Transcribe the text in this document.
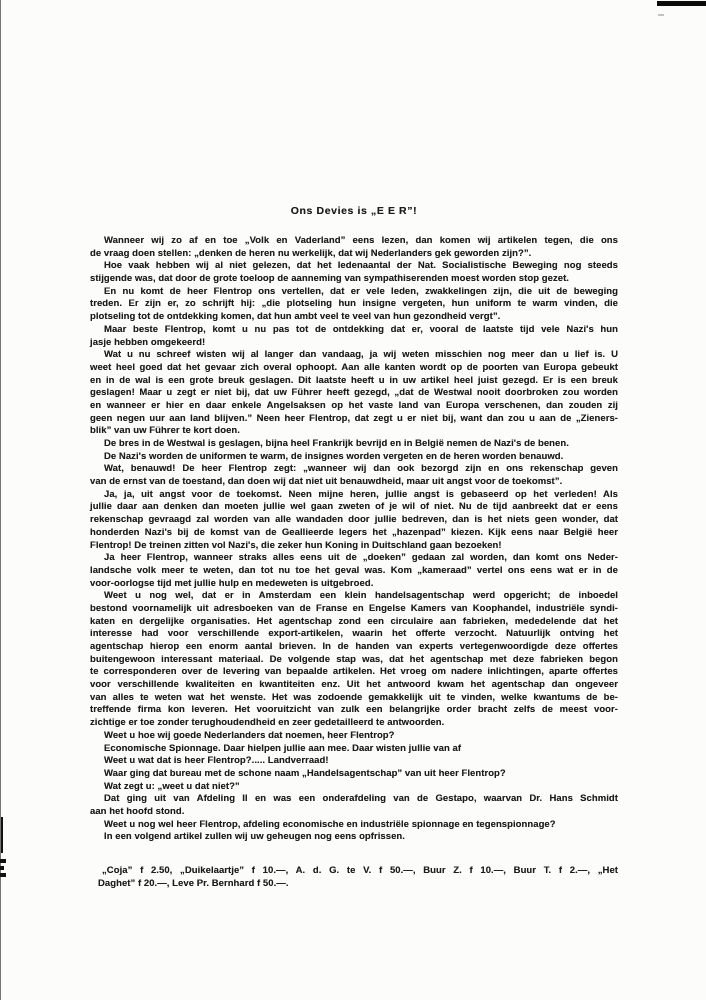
Ons Devies is „E E R”!
Wanneer wij zo af en toe „Volk en Vaderland” eens lezen, dan komen wij artikelen tegen, die ons
de vraag doen stellen: „denken de heren nu werkelijk, dat wij Nederlanders gek geworden zijn?”.
Hoe vaak hebben wij al niet gelezen, dat het ledenaantal der Nat. Socialistische Beweging nog steeds
stijgende was, dat door de grote toeloop de aanneming van sympathiserenden moest worden stop gezet.
En nu komt de heer Flentrop ons vertellen, dat er vele leden, zwakkelingen zijn, die uit de beweging
treden. Er zijn er, zo schrijft hij: „die plotseling hun insigne vergeten, hun uniform te warm vinden, die
plotseling tot de ontdekking komen, dat hun ambt veel te veel van hun gezondheid vergt”.
Maar beste Flentrop, komt u nu pas tot de ontdekking dat er, vooral de laatste tijd vele Nazi's hun
jasje hebben omgekeerd!
Wat u nu schreef wisten wij al langer dan vandaag, ja wij weten misschien nog meer dan u lief is. U
weet heel goed dat het gevaar zich overal ophoopt. Aan alle kanten wordt op de poorten van Europa gebeukt
en in de wal is een grote breuk geslagen. Dit laatste heeft u in uw artikel heel juist gezegd. Er is een breuk
geslagen! Maar u zegt er niet bij, dat uw Führer heeft gezegd, „dat de Westwal nooit doorbroken zou worden
en wanneer er hier en daar enkele Angelsaksen op het vaste land van Europa verschenen, dan zouden zij
geen negen uur aan land blijven.” Neen heer Flentrop, dat zegt u er niet bij, want dan zou u aan de „Zieners-
blik” van uw Führer te kort doen.
De bres in de Westwal is geslagen, bijna heel Frankrijk bevrijd en in België nemen de Nazi's de benen.
De Nazi's worden de uniformen te warm, de insignes worden vergeten en de heren worden benauwd.
Wat, benauwd! De heer Flentrop zegt: „wanneer wij dan ook bezorgd zijn en ons rekenschap geven
van de ernst van de toestand, dan doen wij dat niet uit benauwdheid, maar uit angst voor de toekomst”.
Ja, ja, uit angst voor de toekomst. Neen mijne heren, jullie angst is gebaseerd op het verleden! Als
jullie daar aan denken dan moeten jullie wel gaan zweten of je wil of niet. Nu de tijd aanbreekt dat er eens
rekenschap gevraagd zal worden van alle wandaden door jullie bedreven, dan is het niets geen wonder, dat
honderden Nazi's bij de komst van de Geallieerde legers het „hazenpad” kiezen. Kijk eens naar België heer
Flentrop! De treinen zitten vol Nazi's, die zeker hun Koning in Duitschland gaan bezoeken!
Ja heer Flentrop, wanneer straks alles eens uit de „doeken” gedaan zal worden, dan komt ons Neder-
landsche volk meer te weten, dan tot nu toe het geval was. Kom „kameraad” vertel ons eens wat er in de
voor-oorlogse tijd met jullie hulp en medeweten is uitgebroed.
Weet u nog wel, dat er in Amsterdam een klein handelsagentschap werd opgericht; de inboedel
bestond voornamelijk uit adresboeken van de Franse en Engelse Kamers van Koophandel, industriële syndi-
katen en dergelijke organisaties. Het agentschap zond een circulaire aan fabrieken, mededelende dat het
interesse had voor verschillende export-artikelen, waarin het offerte verzocht. Natuurlijk ontving het
agentschap hierop een enorm aantal brieven. In de handen van experts vertegenwoordigde deze offertes
buitengewoon interessant materiaal. De volgende stap was, dat het agentschap met deze fabrieken begon
te corresponderen over de levering van bepaalde artikelen. Het vroeg om nadere inlichtingen, aparte offertes
voor verschillende kwaliteiten en kwantiteiten enz. Uit het antwoord kwam het agentschap dan ongeveer
van alles te weten wat het wenste. Het was zodoende gemakkelijk uit te vinden, welke kwantums de be-
treffende firma kon leveren. Het vooruitzicht van zulk een belangrijke order bracht zelfs de meest voor-
zichtige er toe zonder terughoudendheid en zeer gedetailleerd te antwoorden.
Weet u hoe wij goede Nederlanders dat noemen, heer Flentrop?
Economische Spionnage. Daar hielpen jullie aan mee. Daar wisten jullie van af
Weet u wat dat is heer Flentrop?..... Landverraad!
Waar ging dat bureau met de schone naam „Handelsagentschap” van uit heer Flentrop?
Wat zegt u: „weet u dat niet?”
Dat ging uit van Afdeling II en was een onderafdeling van de Gestapo, waarvan Dr. Hans Schmidt
aan het hoofd stond.
Weet u nog wel heer Flentrop, afdeling economische en industriële spionnage en tegenspionnage?
In een volgend artikel zullen wij uw geheugen nog eens opfrissen.
„Coja” f 2.50, „Duikelaartje” f 10.—, A. d. G. te V. f 50.—, Buur Z. f 10.—, Buur T. f 2.—, „Het
Daghet” f 20.—, Leve Pr. Bernhard f 50.—.
